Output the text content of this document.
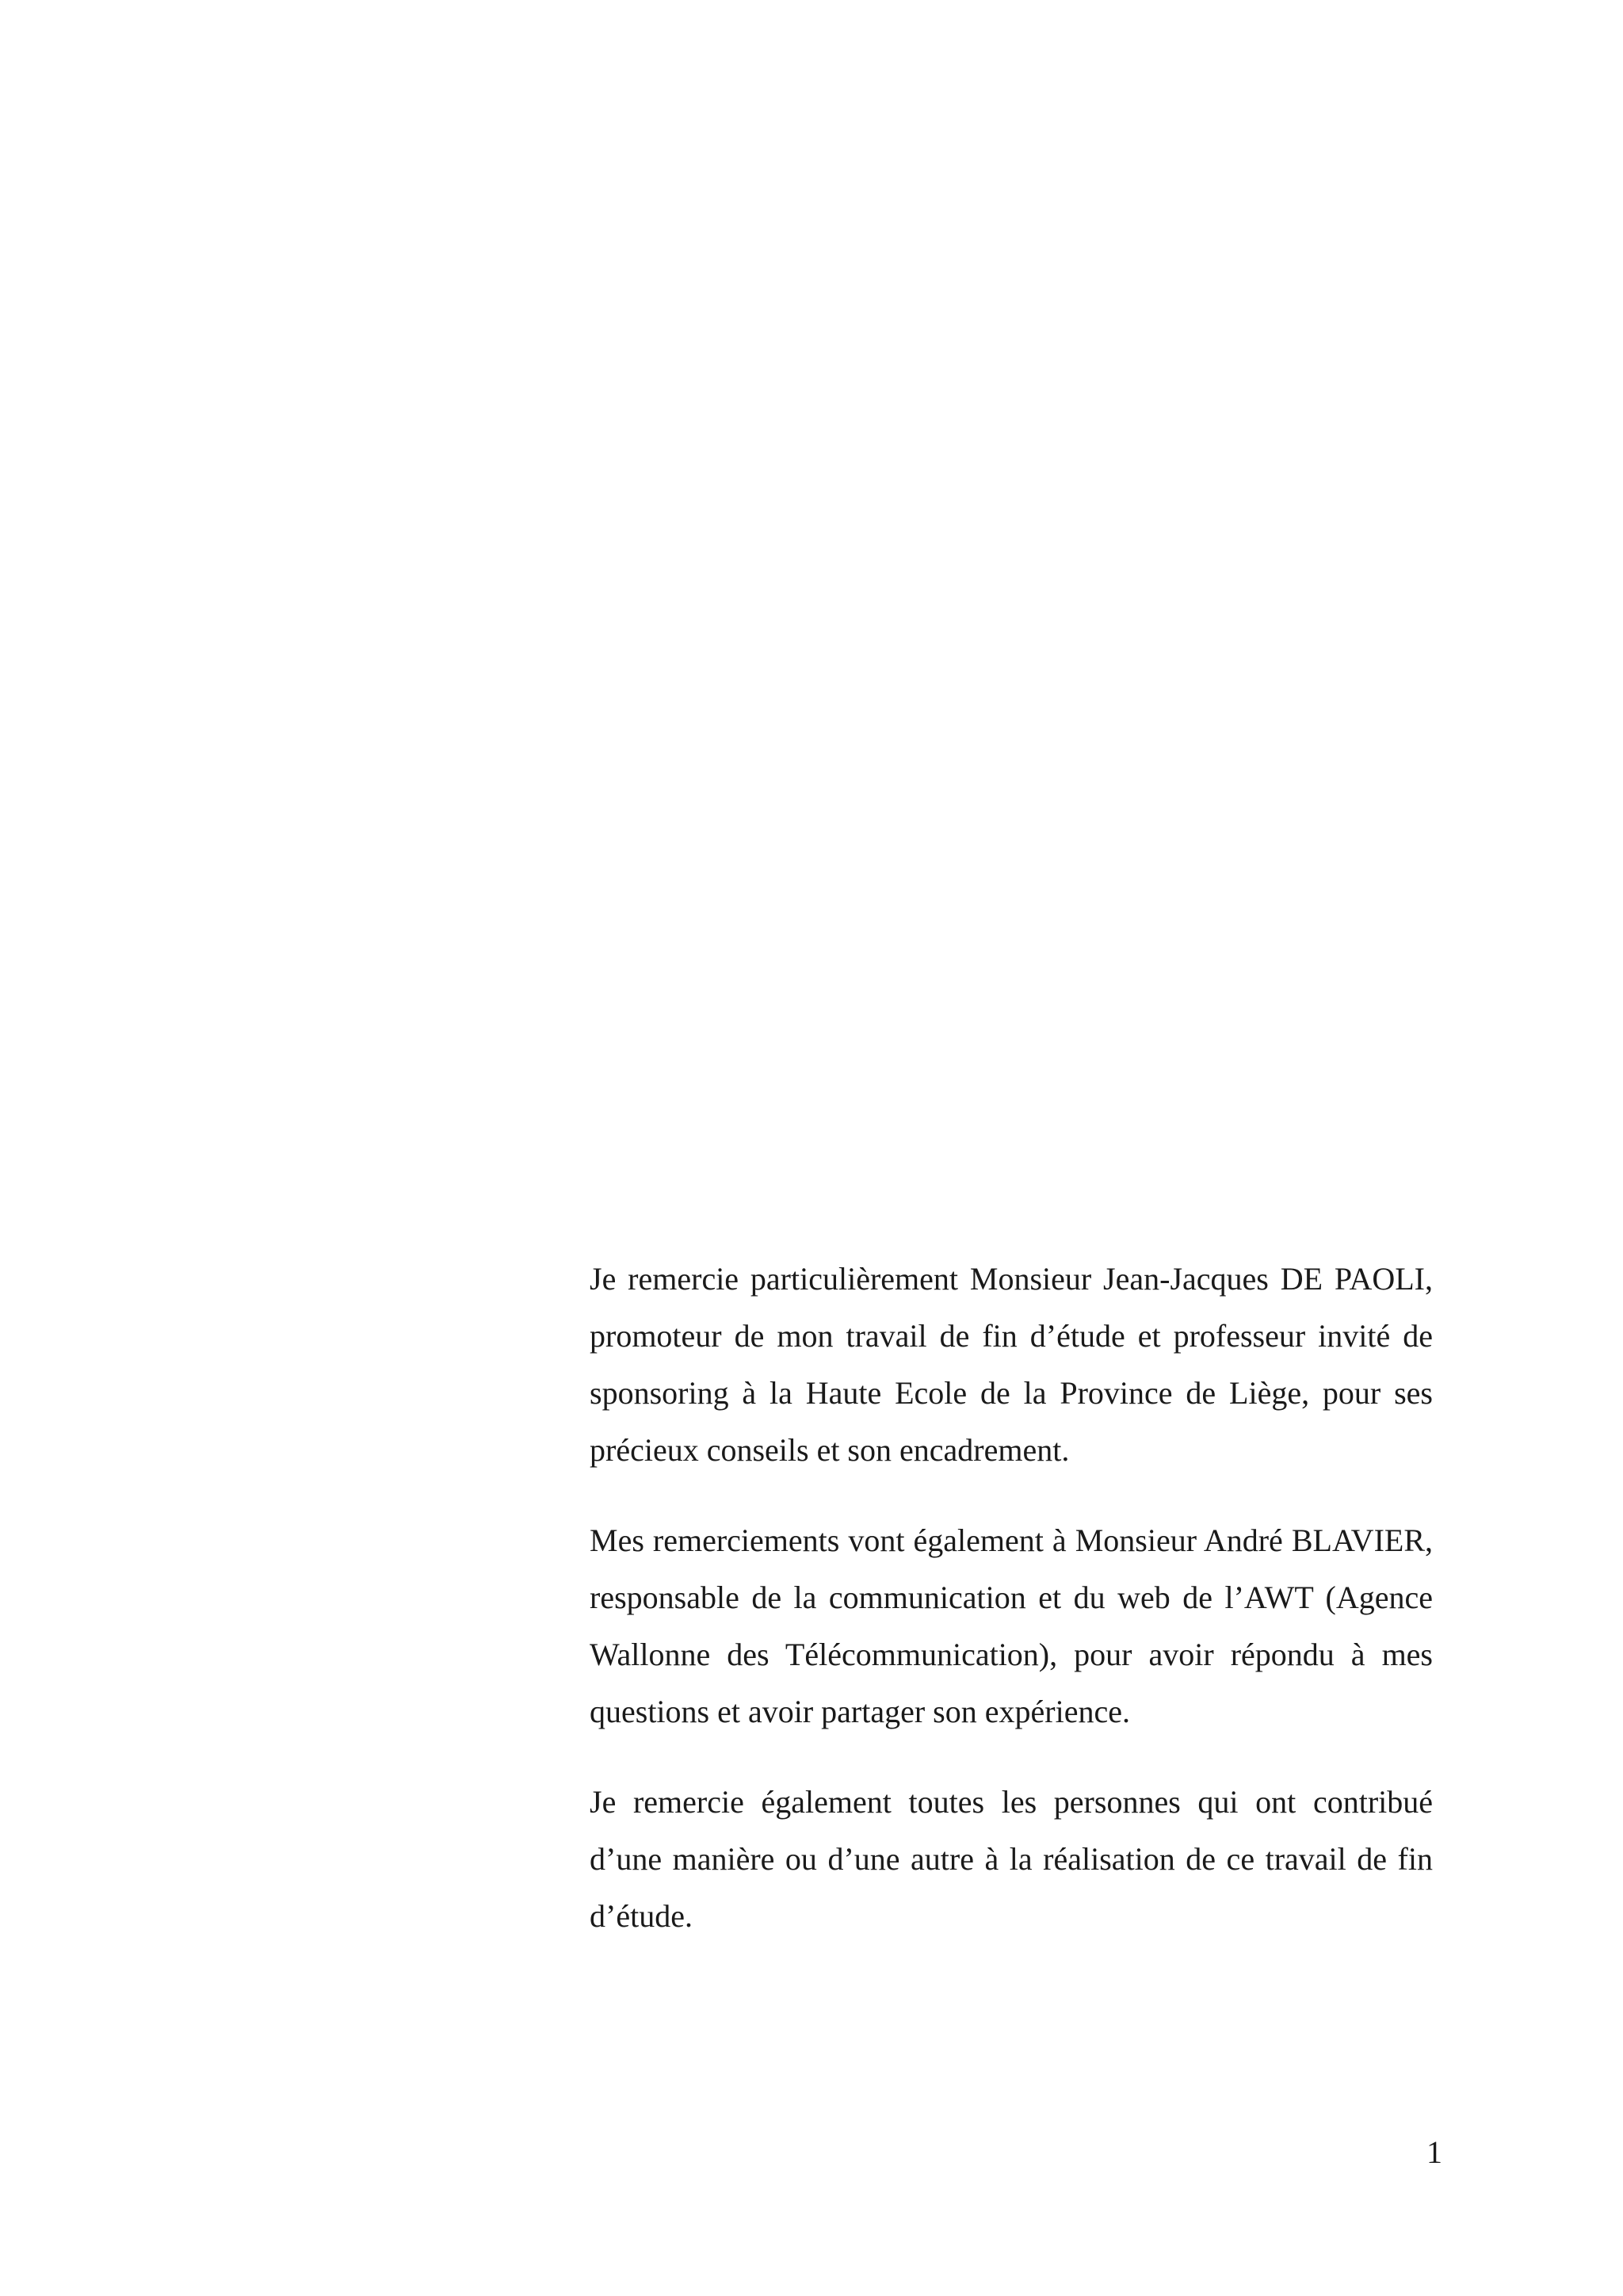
Je remercie particulièrement Monsieur Jean-Jacques DE PAOLI, promoteur de mon travail de fin d’étude et professeur invité de sponsoring à la Haute Ecole de la Province de Liège, pour ses précieux conseils et son encadrement.

Mes remerciements vont également à Monsieur André BLAVIER, responsable de la communication et du web de l’AWT (Agence Wallonne des Télécommunication), pour avoir répondu à mes questions et avoir partager son expérience.

Je remercie également toutes les personnes qui ont contribué d’une manière ou d’une autre à la réalisation de ce travail de fin d’étude.

1
